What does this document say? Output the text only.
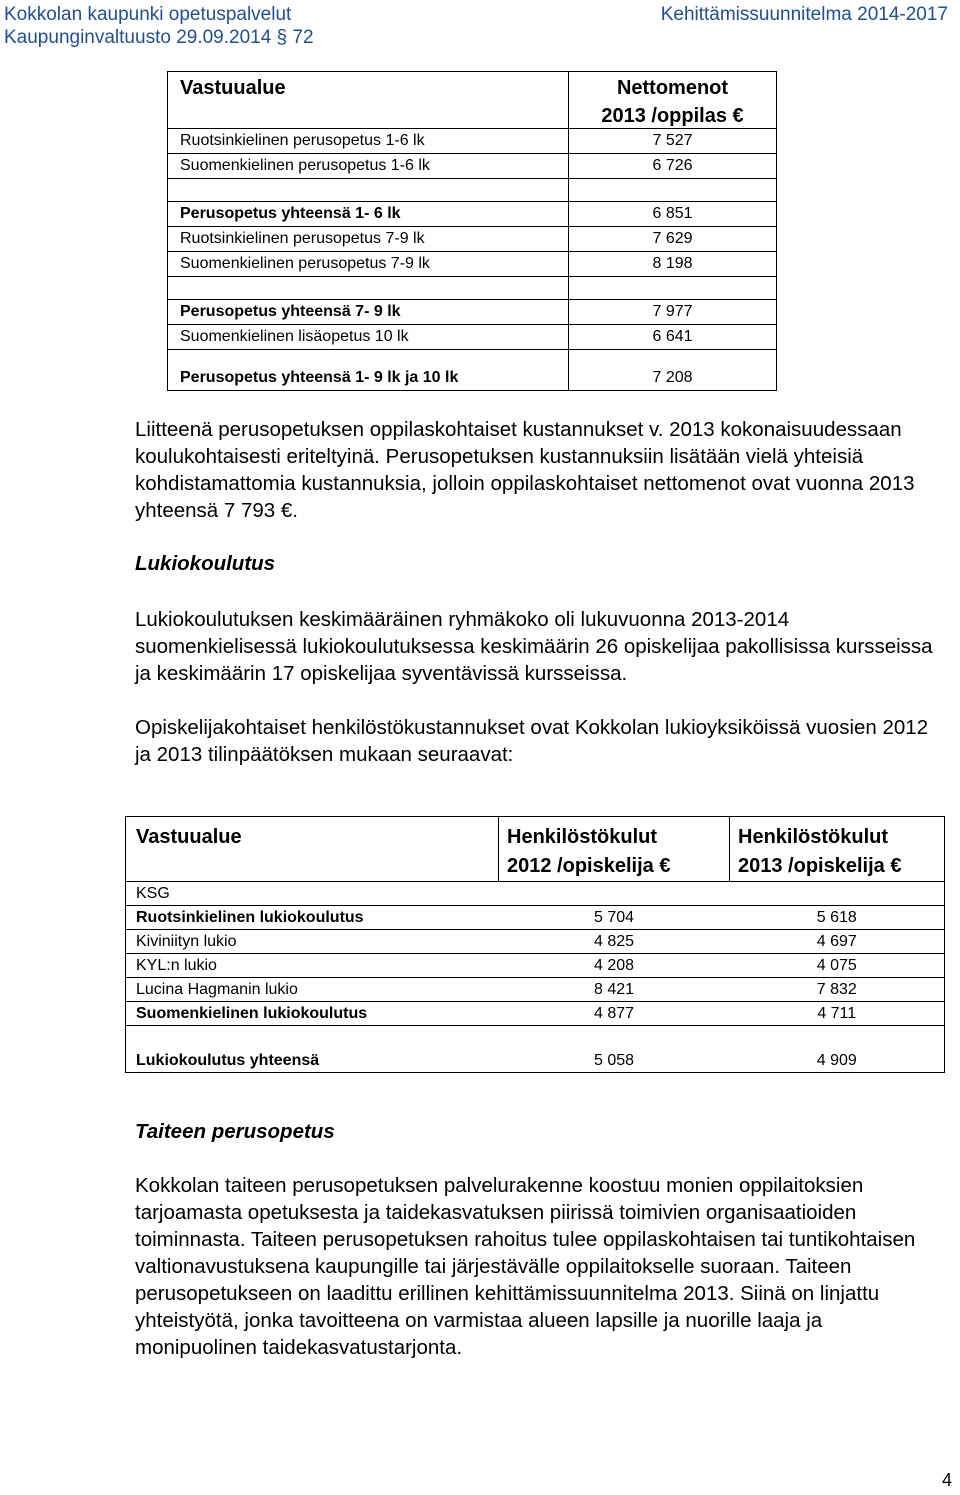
Kokkolan kaupunki opetuspalvelut
Kaupunginvaltuusto 29.09.2014 § 72
Kehittämissuunnitelma 2014-2017
Vastuualue	Nettomenot
	2013 /oppilas €
Ruotsinkielinen perusopetus 1-6 lk	7 527
Suomenkielinen perusopetus 1-6 lk	6 726

Perusopetus yhteensä 1- 6 lk	6 851
Ruotsinkielinen perusopetus 7-9 lk	7 629
Suomenkielinen perusopetus 7-9 lk	8 198

Perusopetus yhteensä 7- 9 lk	7 977
Suomenkielinen lisäopetus 10 lk	6 641
Perusopetus yhteensä 1- 9 lk ja 10 lk	7 208
Liitteenä perusopetuksen oppilaskohtaiset kustannukset v. 2013 kokonaisuudessaan koulukohtaisesti eriteltyinä. Perusopetuksen kustannuksiin lisätään vielä yhteisiä kohdistamattomia kustannuksia, jolloin oppilaskohtaiset nettomenot ovat vuonna 2013 yhteensä 7 793 €.
Lukiokoulutus
Lukiokoulutuksen keskimääräinen ryhmäkoko oli lukuvuonna 2013-2014 suomenkielisessä lukiokoulutuksessa keskimäärin 26 opiskelijaa pakollisissa kursseissa ja keskimäärin 17 opiskelijaa syventävissä kursseissa.
Opiskelijakohtaiset henkilöstökustannukset ovat Kokkolan lukioyksiköissä vuosien 2012 ja 2013 tilinpäätöksen mukaan seuraavat:
Vastuualue	Henkilöstökulut	Henkilöstökulut
	2012 /opiskelija €	2013 /opiskelija €
KSG		
Ruotsinkielinen lukiokoulutus	5 704	5 618
Kiviniityn lukio	4 825	4 697
KYL:n lukio	4 208	4 075
Lucina Hagmanin lukio	8 421	7 832
Suomenkielinen lukiokoulutus	4 877	4 711

Lukiokoulutus yhteensä	5 058	4 909
Taiteen perusopetus
Kokkolan taiteen perusopetuksen palvelurakenne koostuu monien oppilaitoksien tarjoamasta opetuksesta ja taidekasvatuksen piirissä toimivien organisaatioiden toiminnasta. Taiteen perusopetuksen rahoitus tulee oppilaskohtaisen tai tuntikohtaisen valtionavustuksena kaupungille tai järjestävälle oppilaitokselle suoraan. Taiteen perusopetukseen on laadittu erillinen kehittämissuunnitelma 2013. Siinä on linjattu yhteistyötä, jonka tavoitteena on varmistaa alueen lapsille ja nuorille laaja ja monipuolinen taidekasvatustarjonta.
4
